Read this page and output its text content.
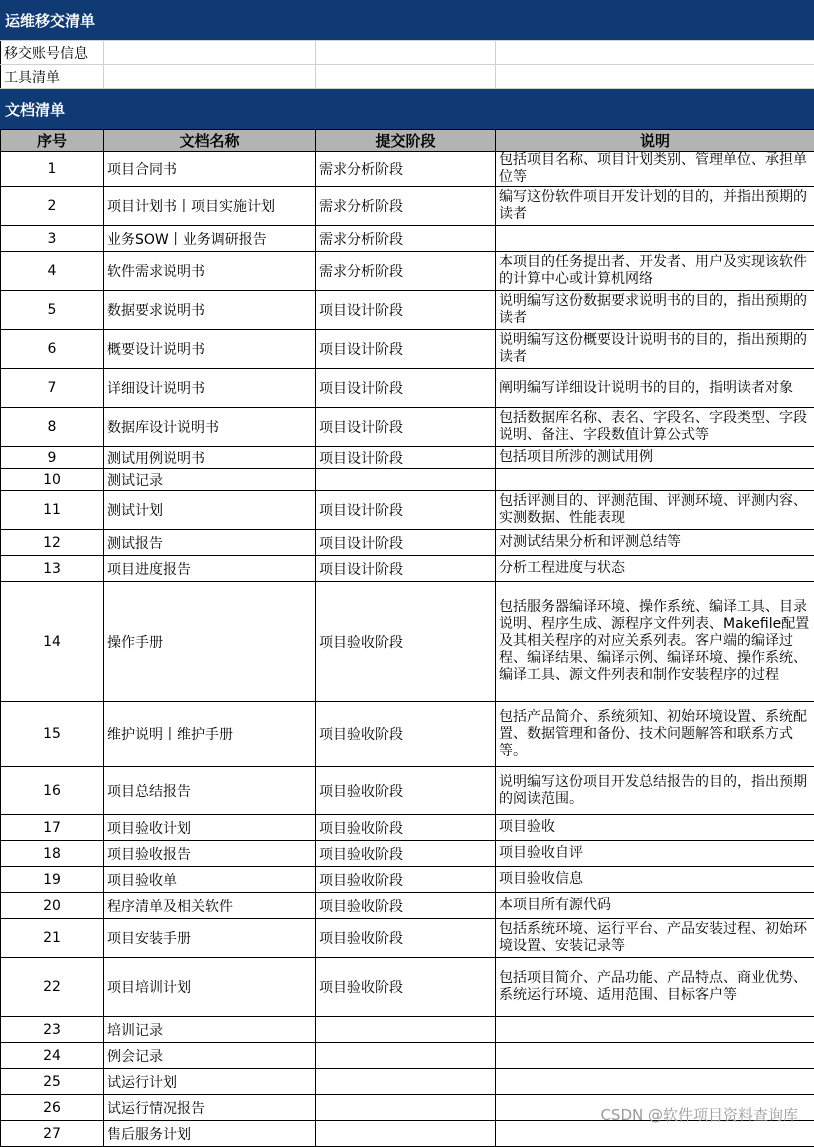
运维移交清单
移交账号信息			
工具清单			
文档清单
序号	文档名称	提交阶段	说明
1	项目合同书	需求分析阶段	包括项目名称、项目计划类别、管理单位、承担单位等
2	项目计划书丨项目实施计划	需求分析阶段	编写这份软件项目开发计划的目的，并指出预期的读者
3	业务SOW丨业务调研报告	需求分析阶段	
4	软件需求说明书	需求分析阶段	本项目的任务提出者、开发者、用户及实现该软件的计算中心或计算机网络
5	数据要求说明书	项目设计阶段	说明编写这份数据要求说明书的目的，指出预期的读者
6	概要设计说明书	项目设计阶段	说明编写这份概要设计说明书的目的，指出预期的读者
7	详细设计说明书	项目设计阶段	阐明编写详细设计说明书的目的，指明读者对象
8	数据库设计说明书	项目设计阶段	包括数据库名称、表名、字段名、字段类型、字段说明、备注、字段数值计算公式等
9	测试用例说明书	项目设计阶段	包括项目所涉的测试用例
10	测试记录		
11	测试计划	项目设计阶段	包括评测目的、评测范围、评测环境、评测内容、实测数据、性能表现
12	测试报告	项目设计阶段	对测试结果分析和评测总结等
13	项目进度报告	项目设计阶段	分析工程进度与状态
14	操作手册	项目验收阶段	包括服务器编译环境、操作系统、编译工具、目录说明、程序生成、源程序文件列表、Makefile配置及其相关程序的对应关系列表。客户端的编译过程、编译结果、编译示例、编译环境、操作系统、编译工具、源文件列表和制作安装程序的过程
15	维护说明丨维护手册	项目验收阶段	包括产品简介、系统须知、初始环境设置、系统配置、数据管理和备份、技术问题解答和联系方式等。
16	项目总结报告	项目验收阶段	说明编写这份项目开发总结报告的目的，指出预期的阅读范围。
17	项目验收计划	项目验收阶段	项目验收
18	项目验收报告	项目验收阶段	项目验收自评
19	项目验收单	项目验收阶段	项目验收信息
20	程序清单及相关软件	项目验收阶段	本项目所有源代码
21	项目安装手册	项目验收阶段	包括系统环境、运行平台、产品安装过程、初始环境设置、安装记录等
22	项目培训计划	项目验收阶段	包括项目简介、产品功能、产品特点、商业优势、系统运行环境、适用范围、目标客户等
23	培训记录		
24	例会记录		
25	试运行计划		
26	试运行情况报告		
27	售后服务计划		
CSDN @软件项目资料查询库
